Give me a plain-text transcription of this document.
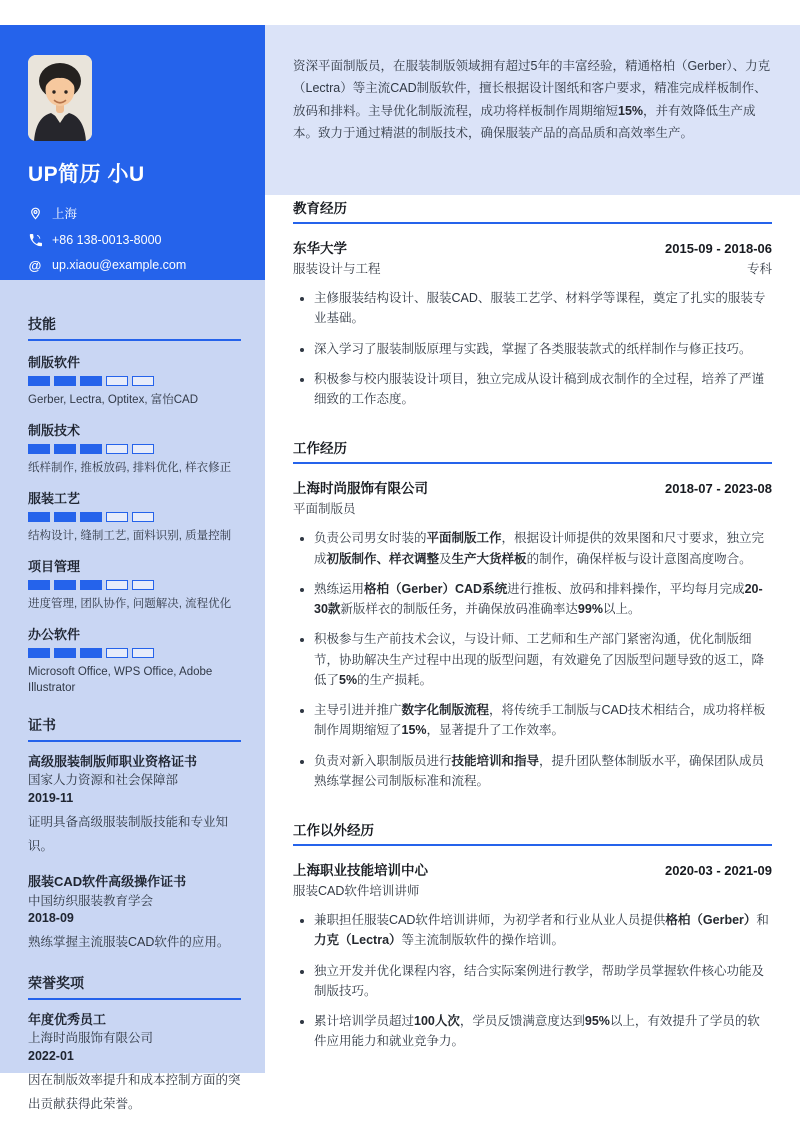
UP简历 小U
上海
+86 138-0013-8000
@ up.xiaou@example.com
技能
制版软件
Gerber, Lectra, Optitex, 富怡CAD
制版技术
纸样制作, 推板放码, 排料优化, 样衣修正
服装工艺
结构设计, 缝制工艺, 面料识别, 质量控制
项目管理
进度管理, 团队协作, 问题解决, 流程优化
办公软件
Microsoft Office, WPS Office, Adobe Illustrator
证书
高级服装制版师职业资格证书
国家人力资源和社会保障部
2019-11
证明具备高级服装制版技能和专业知识。
服装CAD软件高级操作证书
中国纺织服装教育学会
2018-09
熟练掌握主流服装CAD软件的应用。
荣誉奖项
年度优秀员工
上海时尚服饰有限公司
2022-01
因在制版效率提升和成本控制方面的突出贡献获得此荣誉。

资深平面制版员，在服装制版领域拥有超过5年的丰富经验，精通格柏（Gerber）、力克（Lectra）等主流CAD制版软件，擅长根据设计图纸和客户要求，精准完成样板制作、放码和排料。主导优化制版流程，成功将样板制作周期缩短15%，并有效降低生产成本。致力于通过精湛的制版技术，确保服装产品的高品质和高效率生产。

教育经历
东华大学	2015-09 - 2018-06
服装设计与工程	专科
• 主修服装结构设计、服装CAD、服装工艺学、材料学等课程，奠定了扎实的服装专业基础。
• 深入学习了服装制版原理与实践，掌握了各类服装款式的纸样制作与修正技巧。
• 积极参与校内服装设计项目，独立完成从设计稿到成衣制作的全过程，培养了严谨细致的工作态度。
工作经历
上海时尚服饰有限公司	2018-07 - 2023-08
平面制版员
• 负责公司男女时装的平面制版工作，根据设计师提供的效果图和尺寸要求，独立完成初版制作、样衣调整及生产大货样板的制作，确保样板与设计意图高度吻合。
• 熟练运用格柏（Gerber）CAD系统进行推板、放码和排料操作，平均每月完成20-30款新版样衣的制版任务，并确保放码准确率达99%以上。
• 积极参与生产前技术会议，与设计师、工艺师和生产部门紧密沟通，优化制版细节，协助解决生产过程中出现的版型问题，有效避免了因版型问题导致的返工，降低了5%的生产损耗。
• 主导引进并推广数字化制版流程，将传统手工制版与CAD技术相结合，成功将样板制作周期缩短了15%，显著提升了工作效率。
• 负责对新入职制版员进行技能培训和指导，提升团队整体制版水平，确保团队成员熟练掌握公司制版标准和流程。
工作以外经历
上海职业技能培训中心	2020-03 - 2021-09
服装CAD软件培训讲师
• 兼职担任服装CAD软件培训讲师，为初学者和行业从业人员提供格柏（Gerber）和力克（Lectra）等主流制版软件的操作培训。
• 独立开发并优化课程内容，结合实际案例进行教学，帮助学员掌握软件核心功能及制版技巧。
• 累计培训学员超过100人次，学员反馈满意度达到95%以上，有效提升了学员的软件应用能力和就业竞争力。
